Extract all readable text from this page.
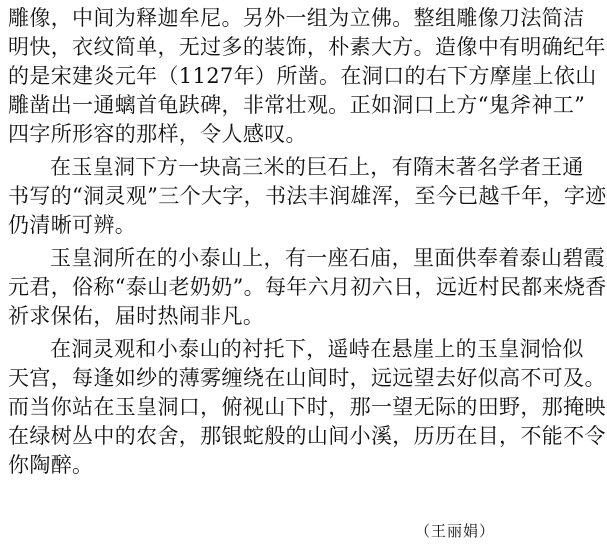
雕像，中间为释迦牟尼。另外一组为立佛。整组雕像刀法简洁
明快，衣纹简单，无过多的装饰，朴素大方。造像中有明确纪年
的是宋建炎元年（1127年）所凿。在洞口的右下方摩崖上依山
雕凿出一通螭首龟趺碑，非常壮观。正如洞口上方“鬼斧神工”
四字所形容的那样，令人感叹。
在玉皇洞下方一块高三米的巨石上，有隋末著名学者王通
书写的“洞灵观”三个大字，书法丰润雄浑，至今已越千年，字迹
仍清晰可辨。
玉皇洞所在的小泰山上，有一座石庙，里面供奉着泰山碧霞
元君，俗称“泰山老奶奶”。每年六月初六日，远近村民都来烧香
祈求保佑，届时热闹非凡。
在洞灵观和小泰山的衬托下，遥峙在悬崖上的玉皇洞恰似
天宫，每逢如纱的薄雾缠绕在山间时，远远望去好似高不可及。
而当你站在玉皇洞口，俯视山下时，那一望无际的田野，那掩映
在绿树丛中的农舍，那银蛇般的山间小溪，历历在目，不能不令
你陶醉。
（王丽娟）
